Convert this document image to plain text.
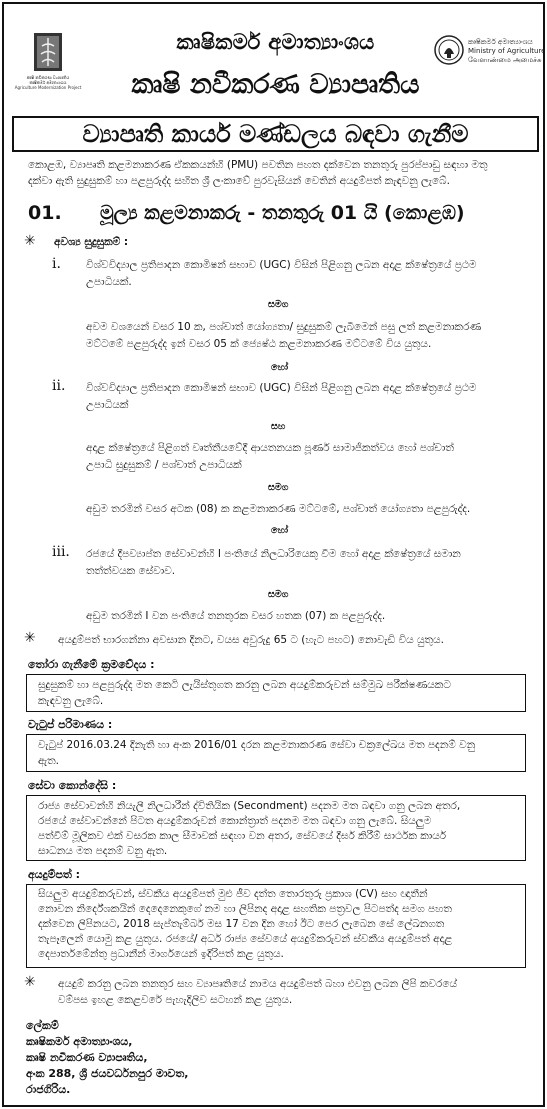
කෘෂි නවීකරණ ව්‍යාපෘතිය
කෘෂිකර්ම අමාත්‍යාංශය
Agriculture Modernization Project
කෘෂිකර්ම අමාත්‍යාංශය
කෘෂි නවීකරණ ව්‍යාපෘතිය
කෘෂිකර්ම අමාත්‍යාංශය
Ministry of Agriculture
வேளாண்மை அமைச்சு
ව්‍යාපෘති කාර්ය මණ්ඩලය බඳවා ගැනීම
කොළඹ, ව්‍යාපෘති කළමනාකරණ ඒකකයන්හි (PMU) පවතින පහත දක්වෙන තනතුරු පුරප්පාඩු සඳහා මතු
දක්වා ඇති සුදුසුකම් හා පළපුරුද්ද සහිත ශ්‍රී ලංකාවේ පුරවැසියන් වෙතින් අයදුම්පත් කැඳවනු ලැබේ.
01. මූල්‍ය කළමනාකරු - තනතුරු 01 යි (කොළඹ)
✳ අවශ්‍ය සුදුසුකම් :
i. විශ්වවිද්‍යාල ප්‍රතිපාදන කොමිෂන් සභාව (UGC) විසින් පිළිගනු ලබන අදාළ ක්ෂේත්‍රයේ ප්‍රථම
උපාධියක්.
සමග
අවම වශයෙන් වසර 10 ක, පශ්චාත් යෝග්‍යතා/ සුදුසුකම් ලැබීමෙන් පසු ලත් කළමනාකරණ
මට්ටමේ පළපුරුද්ද ඉන් වසර 05 ක් ජ්‍යෙෂ්ඨ කළමනාකරණ මට්ටමේ විය යුතුය.
හෝ
ii. විශ්වවිද්‍යාල ප්‍රතිපාදන කොමිෂන් සභාව (UGC) විසින් පිළිගනු ලබන අදාළ ක්ෂේත්‍රයේ ප්‍රථම
උපාධියක්
සහ
අදාළ ක්ෂේත්‍රයේ පිළිගත් වෘත්තීයවේදී ආයතනයක පූර්ණ සාමාජිකත්වය හෝ පශ්චාත්
උපාධි සුදුසුකම් / පශ්චාත් උපාධියක්
සමග
අඩුම තරමින් වසර අටක (08) ක කළමනාකරණ මට්ටමේ, පශ්චාත් යෝග්‍යතා පළපුරුද්ද.
හෝ
iii. රජයේ දීපව්‍යාප්ත සේවාවන්හි I පංතියේ නිලධාරියෙකු වීම හෝ අදාළ ක්ෂේත්‍රයේ සමාන
තත්ත්වයක සේවාව.
සමග
අඩුම තරමින් I වන පංතියේ තනතුරක වසර හතක (07) ක පළපුරුද්ද.
✳ අයදුම්පත් භාරගන්නා අවසාන දිනට, වයස අවුරුදු 65 ට (හැට පහට) නොවැඩි විය යුතුය.
තෝරා ගැනීමේ ක්‍රමවේදය :
සුදුසුකම් හා පළපුරුද්ද මත කෙටි ලැයිස්තුගත කරනු ලබන අයදුම්කරුවන් සම්මුඛ පරීක්ෂණයකට
කැඳවනු ලැබේ.
වැටුප් පරිමාණය :
වැටුප් 2016.03.24 දිනැති හා අංක 2016/01 දරන කළමනාකරණ සේවා චක්‍රලේඛය මත පදනම් වනු
ඇත.
සේවා කොන්දේසි :
රාජ්‍ය සේවාවන්හි නියැලී නිලධාරීන් ද්විතියික (Secondment) පදනම මත බඳවා ගනු ලබන අතර,
රජයේ සේවාවන්නේ පිටත අයදුම්කරුවන් කොන්ත්‍රාත් පදනම මත බඳවා ගනු ලැබේ. සියලුම
පත්වීම් මූලිකව එක් වසරක කාල සීමාවක් සඳහා වන අතර, සේවයේ දීර්ඝ කිරීම් සාර්ථක කාර්ය
සාධනය මත පදනම් වනු ඇත.
අයදුම්පත් :
සියලුම අයදුම්කරුවන්, ස්වකීය අයදුම්පත් මුළු ජීව දත්ත තොරතුරු ප්‍රකාශ (CV) සහ ඥාතීන්
නොවන නිර්දේශකයින් දෙදෙනෙකුගේ නම හා ලිපිනද අදාළ සහතික පත්‍රවල පිටපත්ද සමග පහත
දක්වෙන ලිපිනයට, 2018 සැප්තැම්බර් මස 17 වන දින හෝ ඊට පෙර ලැබෙන සේ ලේඛනගත
තැපෑලෙන් යොමු කළ යුතුය. රජයේ/ අර්ධ රාජ්‍ය සේවයේ අයදුම්කරුවන් ස්වකීය අයදුම්පත් අදාළ
දෙපාර්තමේන්තු ප්‍රධානීන් මාර්ගයෙන් ඉදිරිපත් කළ යුතුය.
✳ අයදුම් කරනු ලබන තනතුර සහ ව්‍යාපෘතියේ නාමය අයදුම්පත් බහා එවනු ලබන ලිපි කවරයේ
වම්පස ඉහළ කෙළවරේ පැහැදිලිව සටහන් කළ යුතුය.
ලේකම්
කෘෂිකර්ම අමාත්‍යාංශය,
කෘෂි නවීකරණ ව්‍යාපෘතිය,
අංක 288, ශ්‍රී ජයවර්ධනපුර මාවත,
රාජගිරිය.
